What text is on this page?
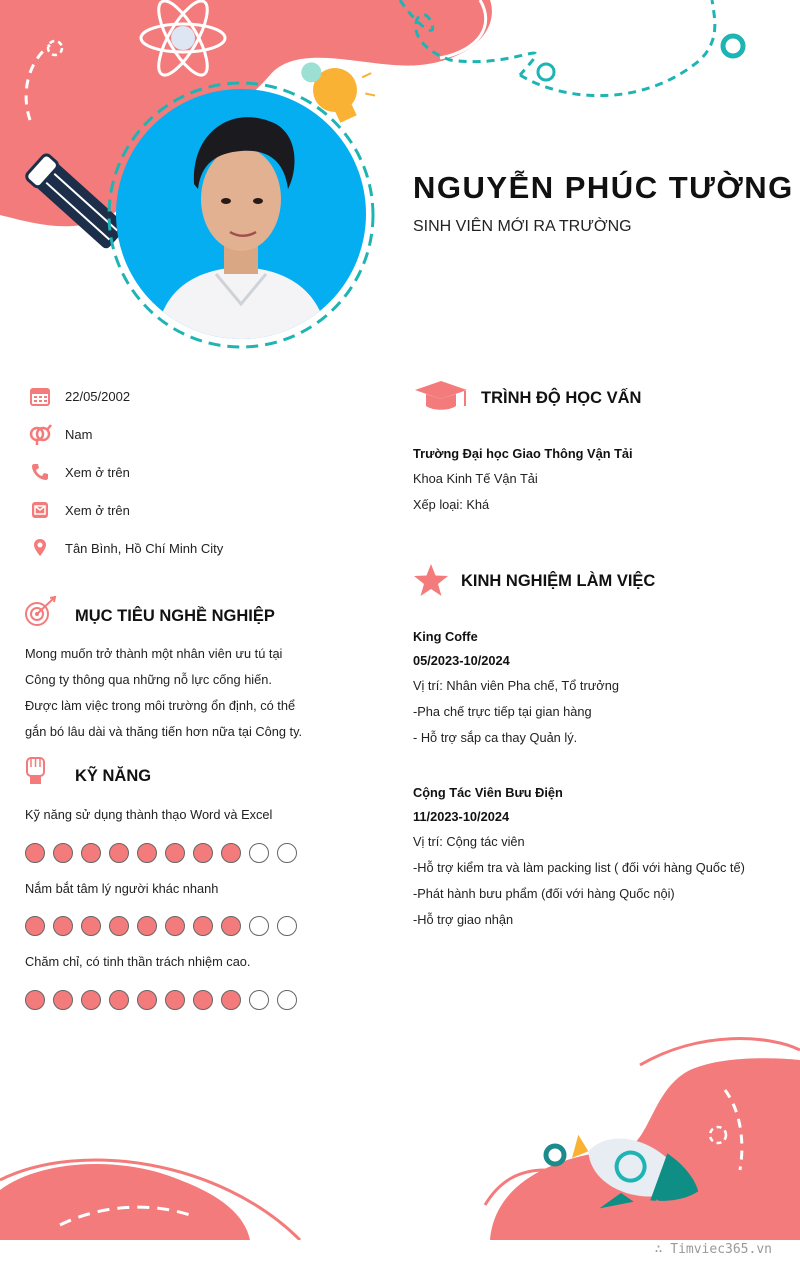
NGUYỄN PHÚC TƯỜNG
SINH VIÊN MỚI RA TRƯỜNG
22/05/2002
Nam
Xem ở trên
Xem ở trên
Tân Bình, Hồ Chí Minh City
MỤC TIÊU NGHỀ NGHIỆP
Mong muốn trở thành một nhân viên ưu tú tại
Công ty thông qua những nỗ lực cống hiến.
Được làm việc trong môi trường ổn định, có thể
gắn bó lâu dài và thăng tiến hơn nữa tại Công ty.
KỸ NĂNG
Kỹ năng sử dụng thành thạo Word và Excel
Nắm bắt tâm lý người khác nhanh
Chăm chỉ, có tinh thần trách nhiệm cao.
TRÌNH ĐỘ HỌC VẤN
Trường Đại học Giao Thông Vận Tải
Khoa Kinh Tế Vận Tải
Xếp loại: Khá
KINH NGHIỆM LÀM VIỆC
King Coffe
05/2023-10/2024
Vị trí: Nhân viên Pha chế, Tổ trưởng
-Pha chế trực tiếp tại gian hàng
- Hỗ trợ sắp ca thay Quản lý.
Cộng Tác Viên Bưu Điện
11/2023-10/2024
Vị trí: Cộng tác viên
-Hỗ trợ kiểm tra và làm packing list ( đối với hàng Quốc tế)
-Phát hành bưu phẩm (đối với hàng Quốc nội)
-Hỗ trợ giao nhận
∴ Timviec365.vn
